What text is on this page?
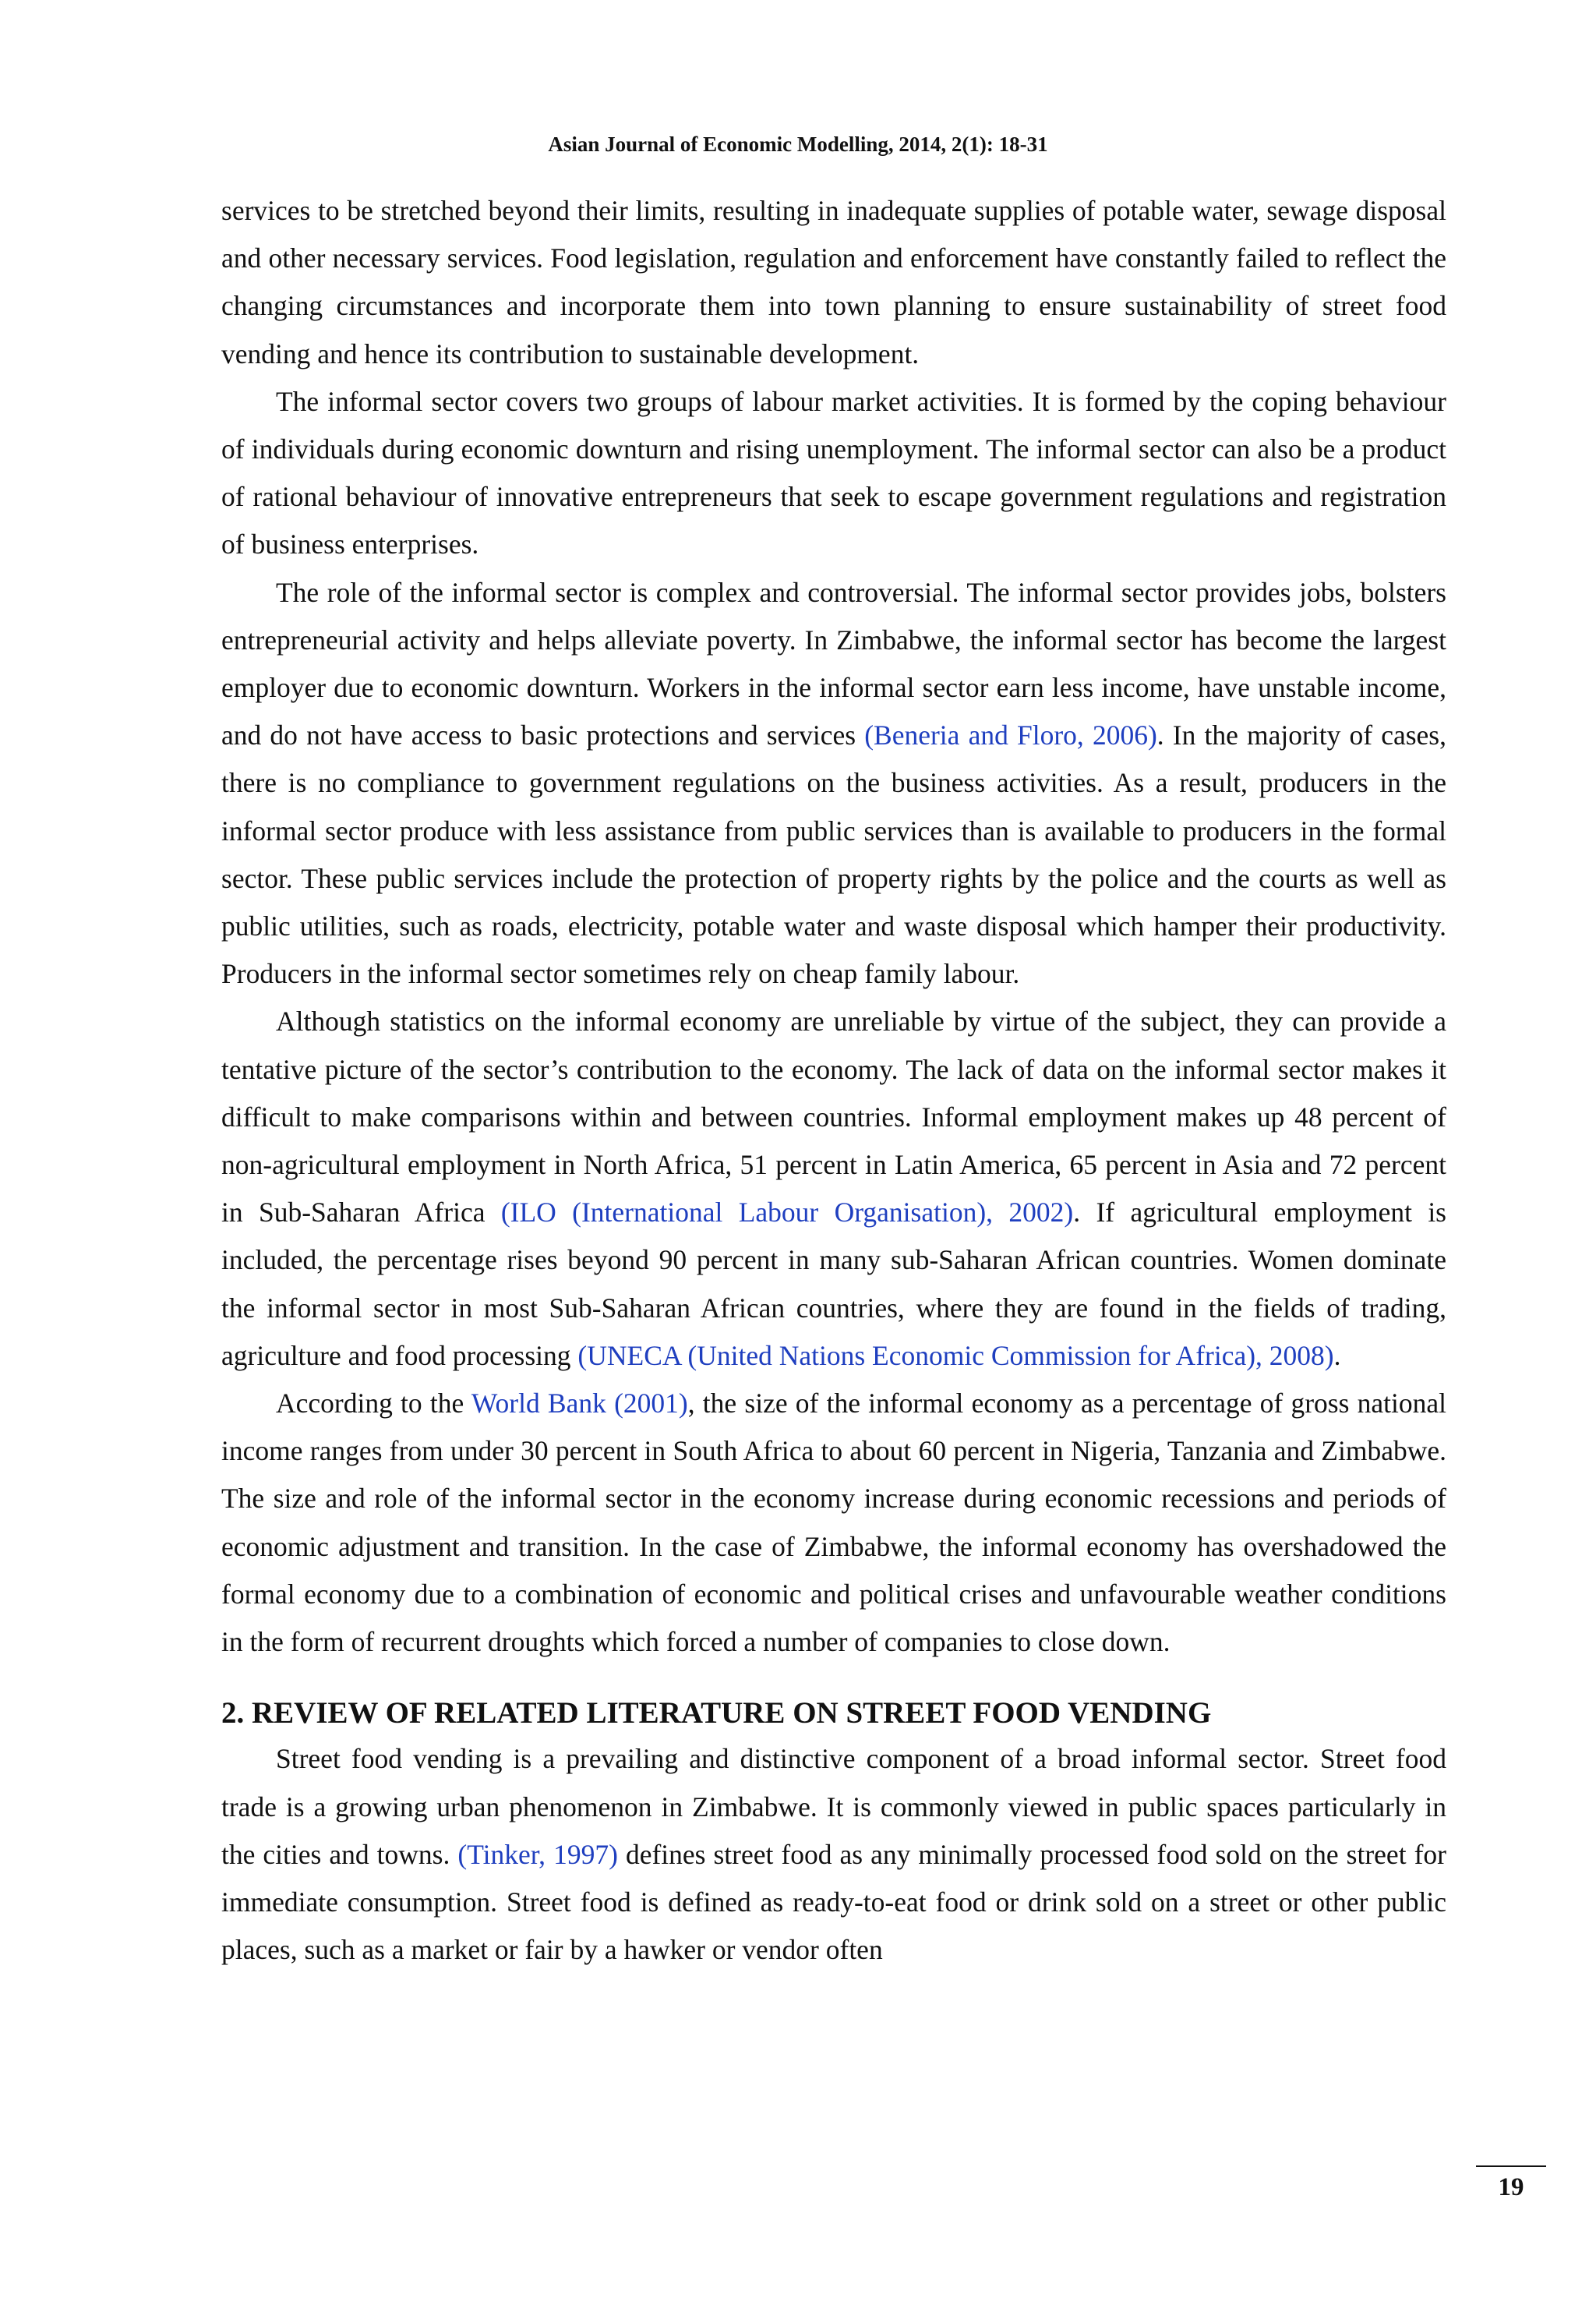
Asian Journal of Economic Modelling, 2014, 2(1): 18-31

services to be stretched beyond their limits, resulting in inadequate supplies of potable water, sewage disposal and other necessary services. Food legislation, regulation and enforcement have constantly failed to reflect the changing circumstances and incorporate them into town planning to ensure sustainability of street food vending and hence its contribution to sustainable development.

The informal sector covers two groups of labour market activities. It is formed by the coping behaviour of individuals during economic downturn and rising unemployment. The informal sector can also be a product of rational behaviour of innovative entrepreneurs that seek to escape government regulations and registration of business enterprises.

The role of the informal sector is complex and controversial. The informal sector provides jobs, bolsters entrepreneurial activity and helps alleviate poverty. In Zimbabwe, the informal sector has become the largest employer due to economic downturn. Workers in the informal sector earn less income, have unstable income, and do not have access to basic protections and services (Beneria and Floro, 2006). In the majority of cases, there is no compliance to government regulations on the business activities. As a result, producers in the informal sector produce with less assistance from public services than is available to producers in the formal sector. These public services include the protection of property rights by the police and the courts as well as public utilities, such as roads, electricity, potable water and waste disposal which hamper their productivity. Producers in the informal sector sometimes rely on cheap family labour.

Although statistics on the informal economy are unreliable by virtue of the subject, they can provide a tentative picture of the sector’s contribution to the economy. The lack of data on the informal sector makes it difficult to make comparisons within and between countries. Informal employment makes up 48 percent of non-agricultural employment in North Africa, 51 percent in Latin America, 65 percent in Asia and 72 percent in Sub-Saharan Africa (ILO (International Labour Organisation), 2002). If agricultural employment is included, the percentage rises beyond 90 percent in many sub-Saharan African countries. Women dominate the informal sector in most Sub-Saharan African countries, where they are found in the fields of trading, agriculture and food processing (UNECA (United Nations Economic Commission for Africa), 2008).

According to the World Bank (2001), the size of the informal economy as a percentage of gross national income ranges from under 30 percent in South Africa to about 60 percent in Nigeria, Tanzania and Zimbabwe. The size and role of the informal sector in the economy increase during economic recessions and periods of economic adjustment and transition. In the case of Zimbabwe, the informal economy has overshadowed the formal economy due to a combination of economic and political crises and unfavourable weather conditions in the form of recurrent droughts which forced a number of companies to close down.

2. REVIEW OF RELATED LITERATURE ON STREET FOOD VENDING

Street food vending is a prevailing and distinctive component of a broad informal sector. Street food trade is a growing urban phenomenon in Zimbabwe. It is commonly viewed in public spaces particularly in the cities and towns. (Tinker, 1997) defines street food as any minimally processed food sold on the street for immediate consumption. Street food is defined as ready-to-eat food or drink sold on a street or other public places, such as a market or fair by a hawker or vendor often

19
